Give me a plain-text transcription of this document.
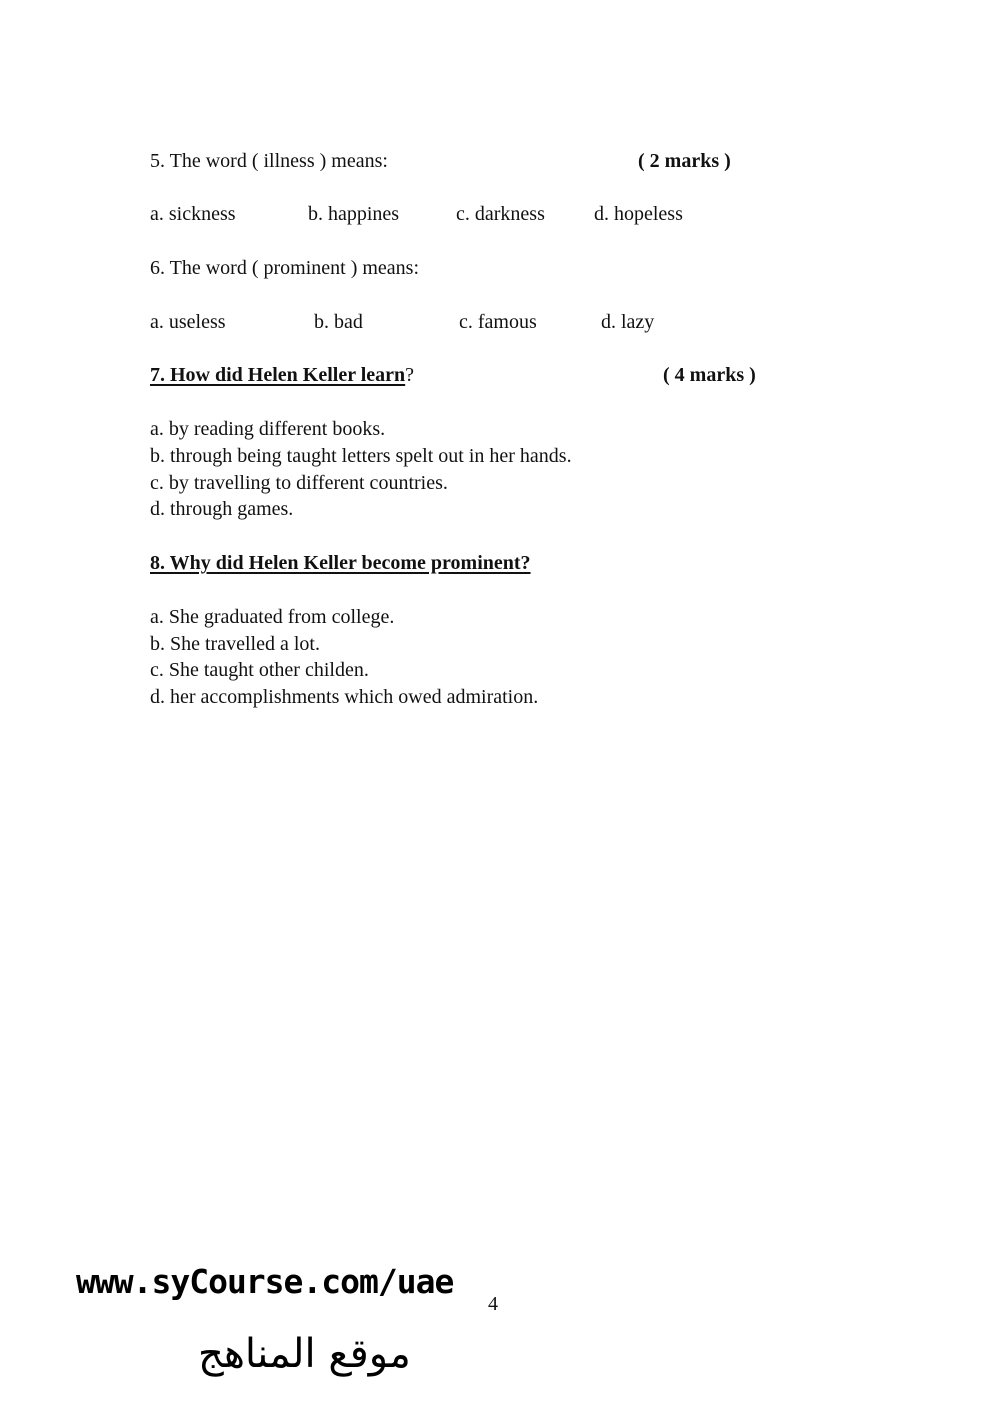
5. The word ( illness ) means:	( 2 marks )
a. sickness	b. happines	c. darkness d. hopeless
6. The word ( prominent ) means:
a. useless	b. bad	c. famous	d. lazy
7. How did Helen Keller learn?	( 4 marks )
a. by reading different books.
b. through being taught letters spelt out in her hands.
c. by travelling to different countries.
d. through games.
8. Why did Helen Keller become prominent?
a. She graduated from college.
b. She travelled a lot.
c. She taught other childen.
d. her accomplishments which owed admiration.
www.syCourse.com/uae
4
موقع المناهج
